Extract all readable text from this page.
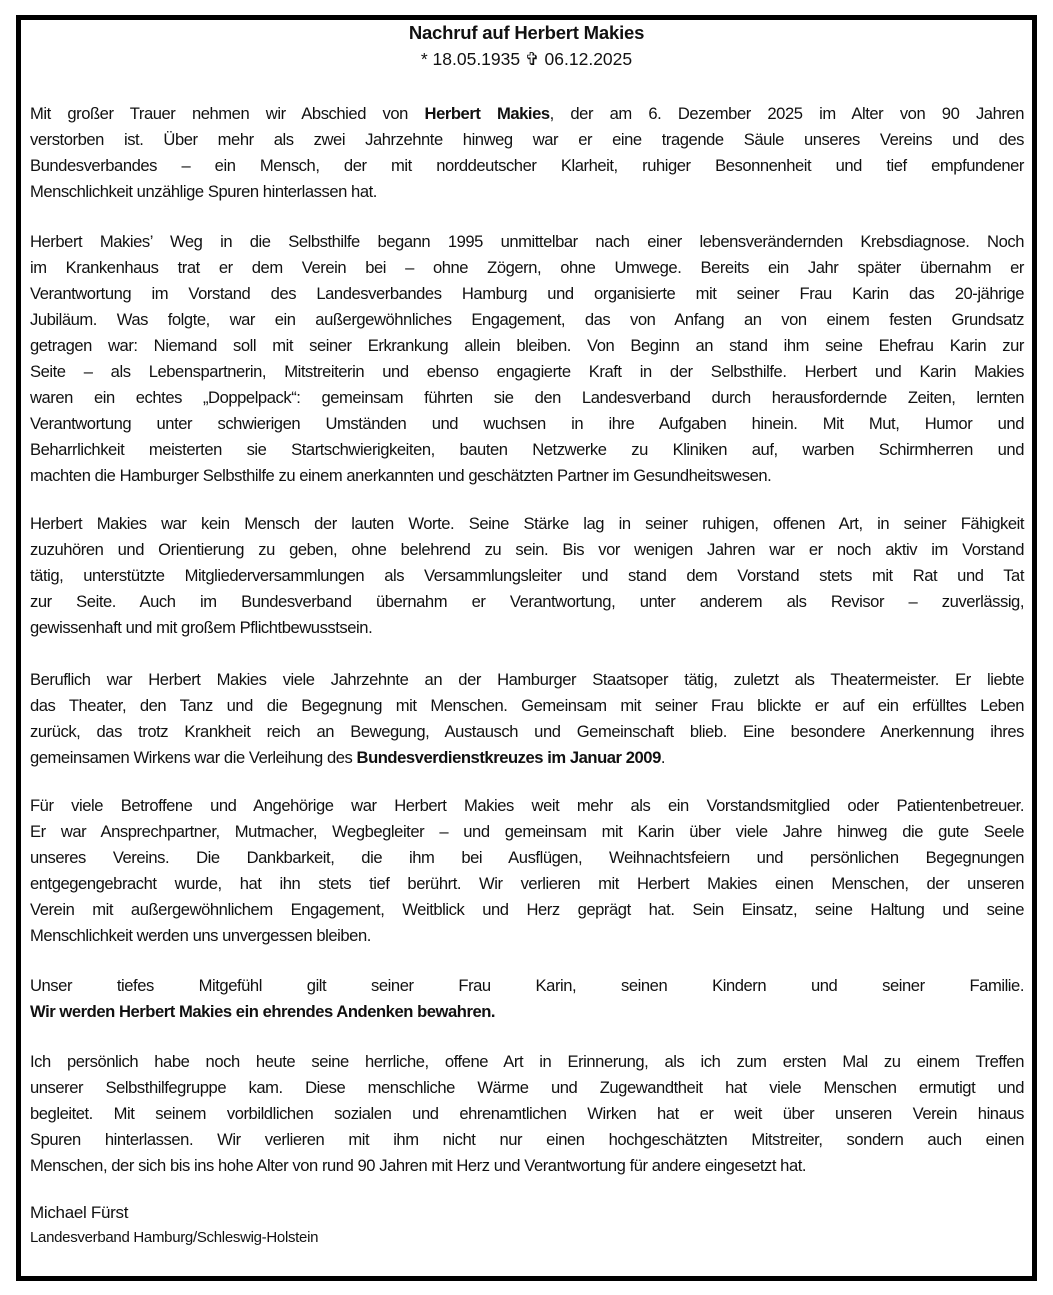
Nachruf auf Herbert Makies
* 18.05.1935 ✞ 06.12.2025
Mit großer Trauer nehmen wir Abschied von Herbert Makies, der am 6. Dezember 2025 im Alter von 90 Jahren
verstorben ist. Über mehr als zwei Jahrzehnte hinweg war er eine tragende Säule unseres Vereins und des
Bundesverbandes – ein Mensch, der mit norddeutscher Klarheit, ruhiger Besonnenheit und tief empfundener
Menschlichkeit unzählige Spuren hinterlassen hat.
Herbert Makies’ Weg in die Selbsthilfe begann 1995 unmittelbar nach einer lebensverändernden Krebsdiagnose. Noch
im Krankenhaus trat er dem Verein bei – ohne Zögern, ohne Umwege. Bereits ein Jahr später übernahm er
Verantwortung im Vorstand des Landesverbandes Hamburg und organisierte mit seiner Frau Karin das 20-jährige
Jubiläum. Was folgte, war ein außergewöhnliches Engagement, das von Anfang an von einem festen Grundsatz
getragen war: Niemand soll mit seiner Erkrankung allein bleiben. Von Beginn an stand ihm seine Ehefrau Karin zur
Seite – als Lebenspartnerin, Mitstreiterin und ebenso engagierte Kraft in der Selbsthilfe. Herbert und Karin Makies
waren ein echtes „Doppelpack“: gemeinsam führten sie den Landesverband durch herausfordernde Zeiten, lernten
Verantwortung unter schwierigen Umständen und wuchsen in ihre Aufgaben hinein. Mit Mut, Humor und
Beharrlichkeit meisterten sie Startschwierigkeiten, bauten Netzwerke zu Kliniken auf, warben Schirmherren und
machten die Hamburger Selbsthilfe zu einem anerkannten und geschätzten Partner im Gesundheitswesen.
Herbert Makies war kein Mensch der lauten Worte. Seine Stärke lag in seiner ruhigen, offenen Art, in seiner Fähigkeit
zuzuhören und Orientierung zu geben, ohne belehrend zu sein. Bis vor wenigen Jahren war er noch aktiv im Vorstand
tätig, unterstützte Mitgliederversammlungen als Versammlungsleiter und stand dem Vorstand stets mit Rat und Tat
zur Seite. Auch im Bundesverband übernahm er Verantwortung, unter anderem als Revisor – zuverlässig,
gewissenhaft und mit großem Pflichtbewusstsein.
Beruflich war Herbert Makies viele Jahrzehnte an der Hamburger Staatsoper tätig, zuletzt als Theatermeister. Er liebte
das Theater, den Tanz und die Begegnung mit Menschen. Gemeinsam mit seiner Frau blickte er auf ein erfülltes Leben
zurück, das trotz Krankheit reich an Bewegung, Austausch und Gemeinschaft blieb. Eine besondere Anerkennung ihres
gemeinsamen Wirkens war die Verleihung des Bundesverdienstkreuzes im Januar 2009.
Für viele Betroffene und Angehörige war Herbert Makies weit mehr als ein Vorstandsmitglied oder Patientenbetreuer.
Er war Ansprechpartner, Mutmacher, Wegbegleiter – und gemeinsam mit Karin über viele Jahre hinweg die gute Seele
unseres Vereins. Die Dankbarkeit, die ihm bei Ausflügen, Weihnachtsfeiern und persönlichen Begegnungen
entgegengebracht wurde, hat ihn stets tief berührt. Wir verlieren mit Herbert Makies einen Menschen, der unseren
Verein mit außergewöhnlichem Engagement, Weitblick und Herz geprägt hat. Sein Einsatz, seine Haltung und seine
Menschlichkeit werden uns unvergessen bleiben.
Unser tiefes Mitgefühl gilt seiner Frau Karin, seinen Kindern und seiner Familie.
Wir werden Herbert Makies ein ehrendes Andenken bewahren.
Ich persönlich habe noch heute seine herrliche, offene Art in Erinnerung, als ich zum ersten Mal zu einem Treffen
unserer Selbsthilfegruppe kam. Diese menschliche Wärme und Zugewandtheit hat viele Menschen ermutigt und
begleitet. Mit seinem vorbildlichen sozialen und ehrenamtlichen Wirken hat er weit über unseren Verein hinaus
Spuren hinterlassen. Wir verlieren mit ihm nicht nur einen hochgeschätzten Mitstreiter, sondern auch einen
Menschen, der sich bis ins hohe Alter von rund 90 Jahren mit Herz und Verantwortung für andere eingesetzt hat.
Michael Fürst
Landesverband Hamburg/Schleswig-Holstein
